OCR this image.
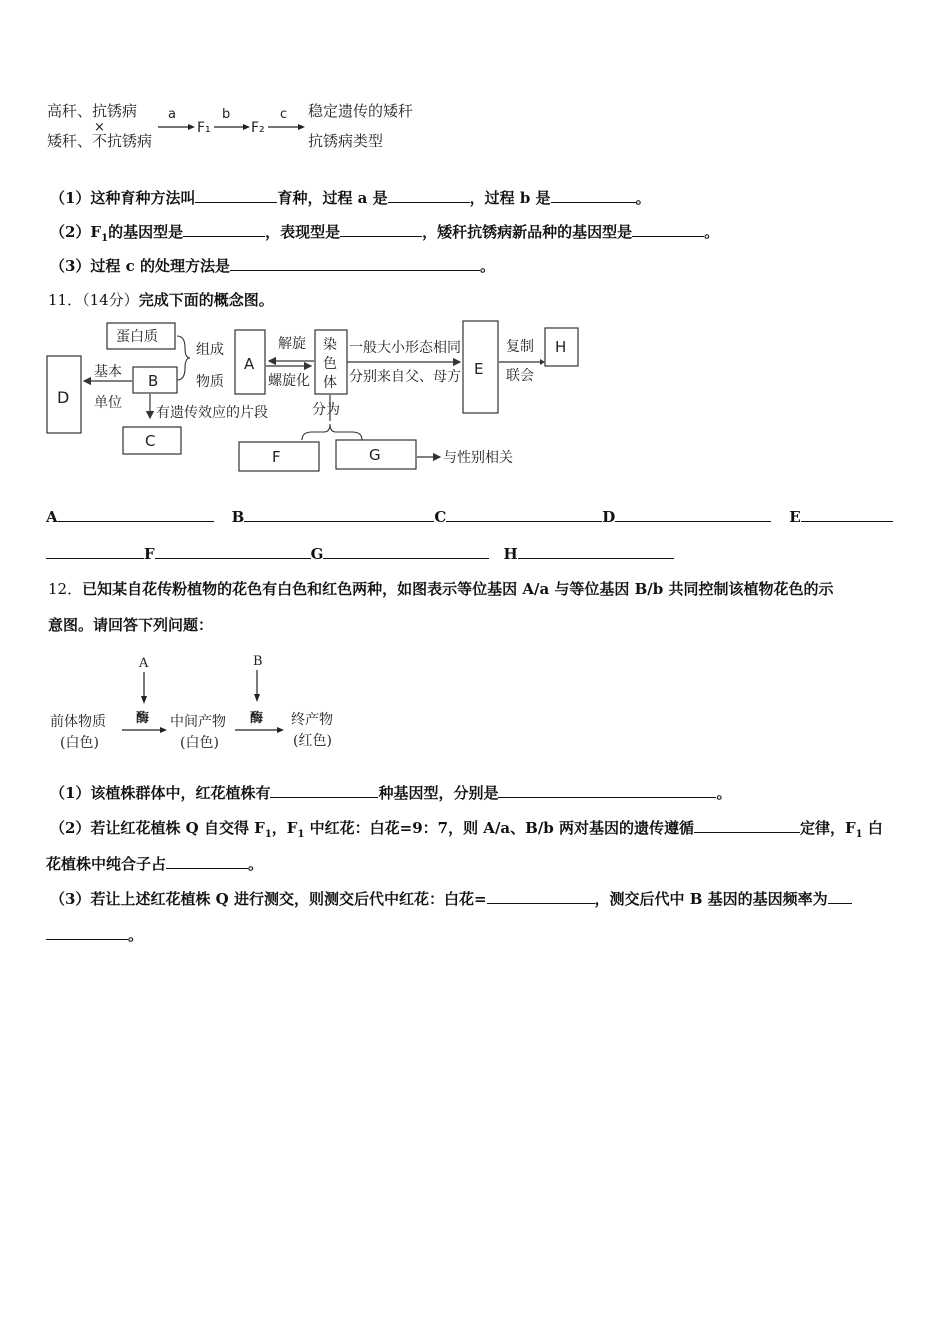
高秆、抗锈病
×
矮秆、不抗锈病
a
F₁
b
F₂
c 稳定遗传的矮秆
抗锈病类型
（1）这种育种方法叫	育种，过程 a 是	，过程 b 是	。
$(2)F_1$的基因型是	，表现型是	，矮秆抗锈病新品种的基因型是	。
（3）过程 c 的处理方法是	。
11．（14分）完成下面的概念图。
蛋白质
B
组成
物质
A
D
基本
单位
有遗传效应的片段
C
解旋
螺旋化
染
色
体
一般大小形态相同
分别来自父、母方 E
分为
F	G	与性别相关
复制
联会
H
A	B	C	D	E
F	G	H
12．已知某自花传粉植物的花色有白色和红色两种，如图表示等位基因 A/a 与等位基因 B/b 共同控制该植物花色的示
意图。请回答下列问题：
A	B
前体物质
(白色)
酶 中间产物
(白色)
酶 终产物
(红色)
（1）该植株群体中，红花植株有	种基因型，分别是	。
（2）若让红花植株 Q 自交得 $F_1$，$F_1$ 中红花：白花=9：7，则 A/a、B/b 两对基因的遗传遵循	定律，$F_1$ 白
花植株中纯合子占	。
（3）若让上述红花植株 Q 进行测交，则测交后代中红花：白花=	，测交后代中 B 基因的基因频率为
。
